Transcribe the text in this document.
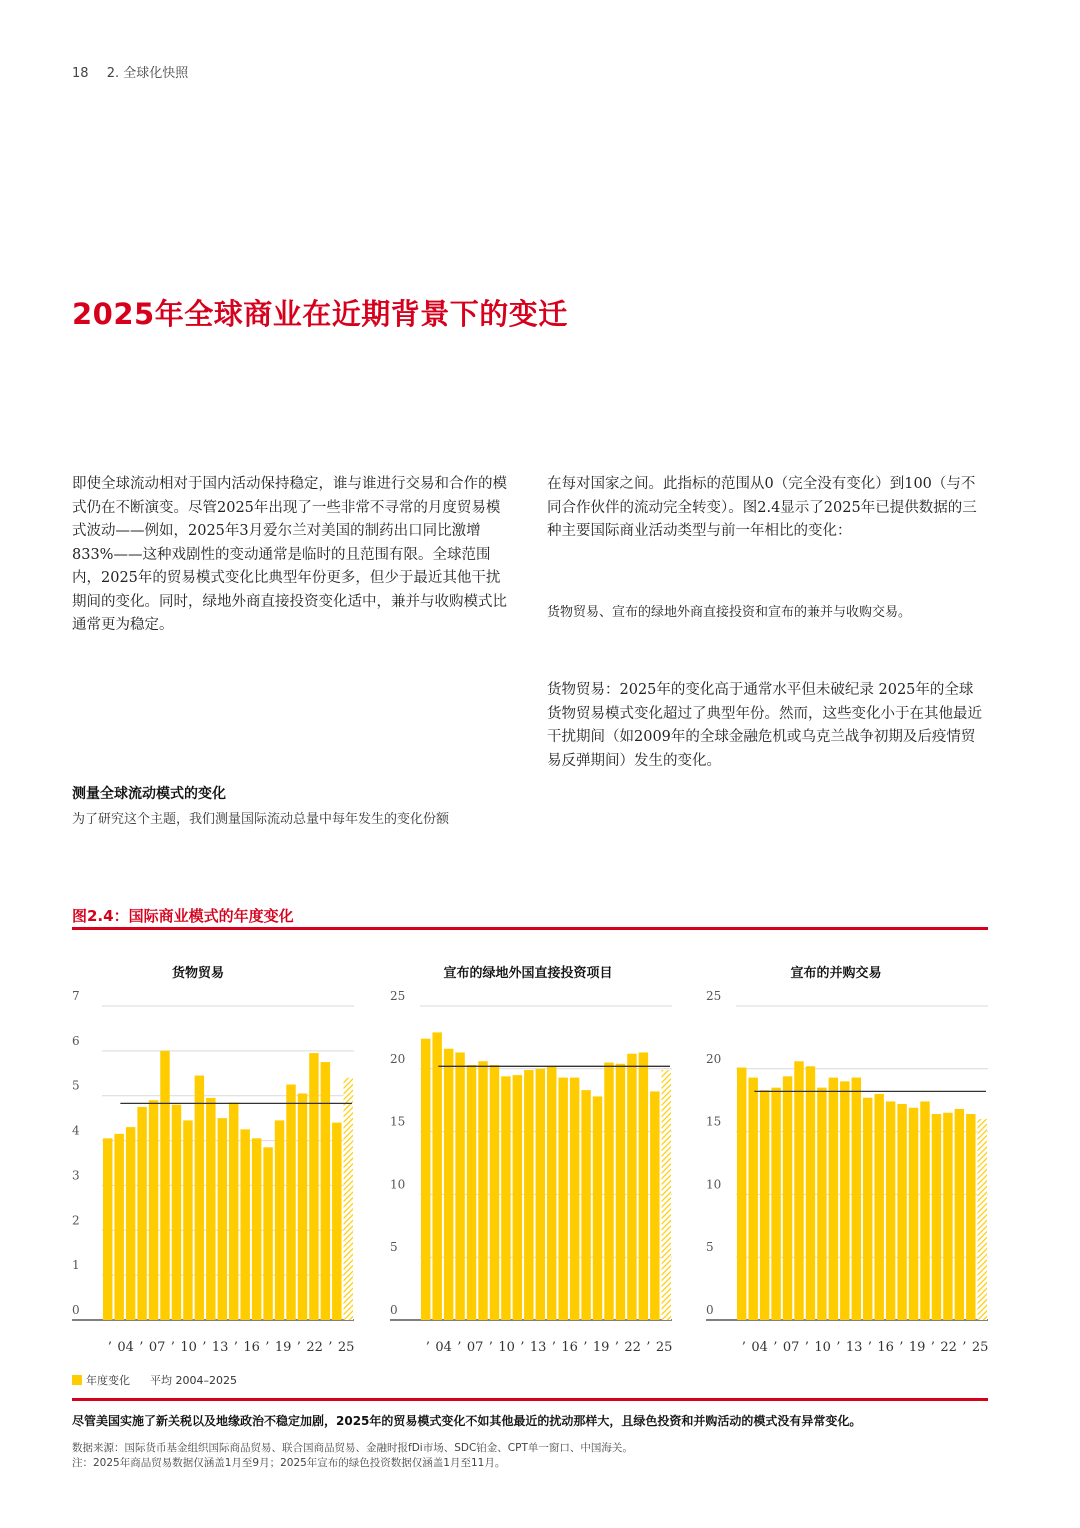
18 2. 全球化快照
2025年全球商业在近期背景下的变迁
即使全球流动相对于国内活动保持稳定，谁与谁进行交易和合作的模式仍在不断演变。尽管2025年出现了一些非常不寻常的月度贸易模式波动——例如，2025年3月爱尔兰对美国的制药出口同比激增833%——这种戏剧性的变动通常是临时的且范围有限。全球范围内，2025年的贸易模式变化比典型年份更多，但少于最近其他干扰期间的变化。同时，绿地外商直接投资变化适中，兼并与收购模式比通常更为稳定。
在每对国家之间。此指标的范围从0（完全没有变化）到100（与不同合作伙伴的流动完全转变）。图2.4显示了2025年已提供数据的三种主要国际商业活动类型与前一年相比的变化：
货物贸易、宣布的绿地外商直接投资和宣布的兼并与收购交易。
货物贸易：2025年的变化高于通常水平但未破纪录 2025年的全球货物贸易模式变化超过了典型年份。然而，这些变化小于在其他最近干扰期间（如2009年的全球金融危机或乌克兰战争初期及后疫情贸易反弹期间）发生的变化。
测量全球流动模式的变化
为了研究这个主题，我们测量国际流动总量中每年发生的变化份额
图2.4：国际商业模式的年度变化
货物贸易	宣布的绿地外国直接投资项目	宣布的并购交易
0
1
2
3
4
5
6
7
’ 04 ’ 07 ’ 10 ’ 13 ’ 16 ’ 19 ’ 22 ’ 25
0
5
10
15
20
25
’ 04 ’ 07 ’ 10 ’ 13 ’ 16 ’ 19 ’ 22 ’ 25
0
5
10
15
20
25
’ 04 ’ 07 ’ 10 ’ 13 ’ 16 ’ 19 ’ 22 ’ 25
年度变化 平均 2004–2025
尽管美国实施了新关税以及地缘政治不稳定加剧，2025年的贸易模式变化不如其他最近的扰动那样大，且绿色投资和并购活动的模式没有异常变化。
数据来源：国际货币基金组织国际商品贸易、联合国商品贸易、金融时报fDi市场、SDC铂金、CPT单一窗口、中国海关。
注：2025年商品贸易数据仅涵盖1月至9月；2025年宣布的绿色投资数据仅涵盖1月至11月。
